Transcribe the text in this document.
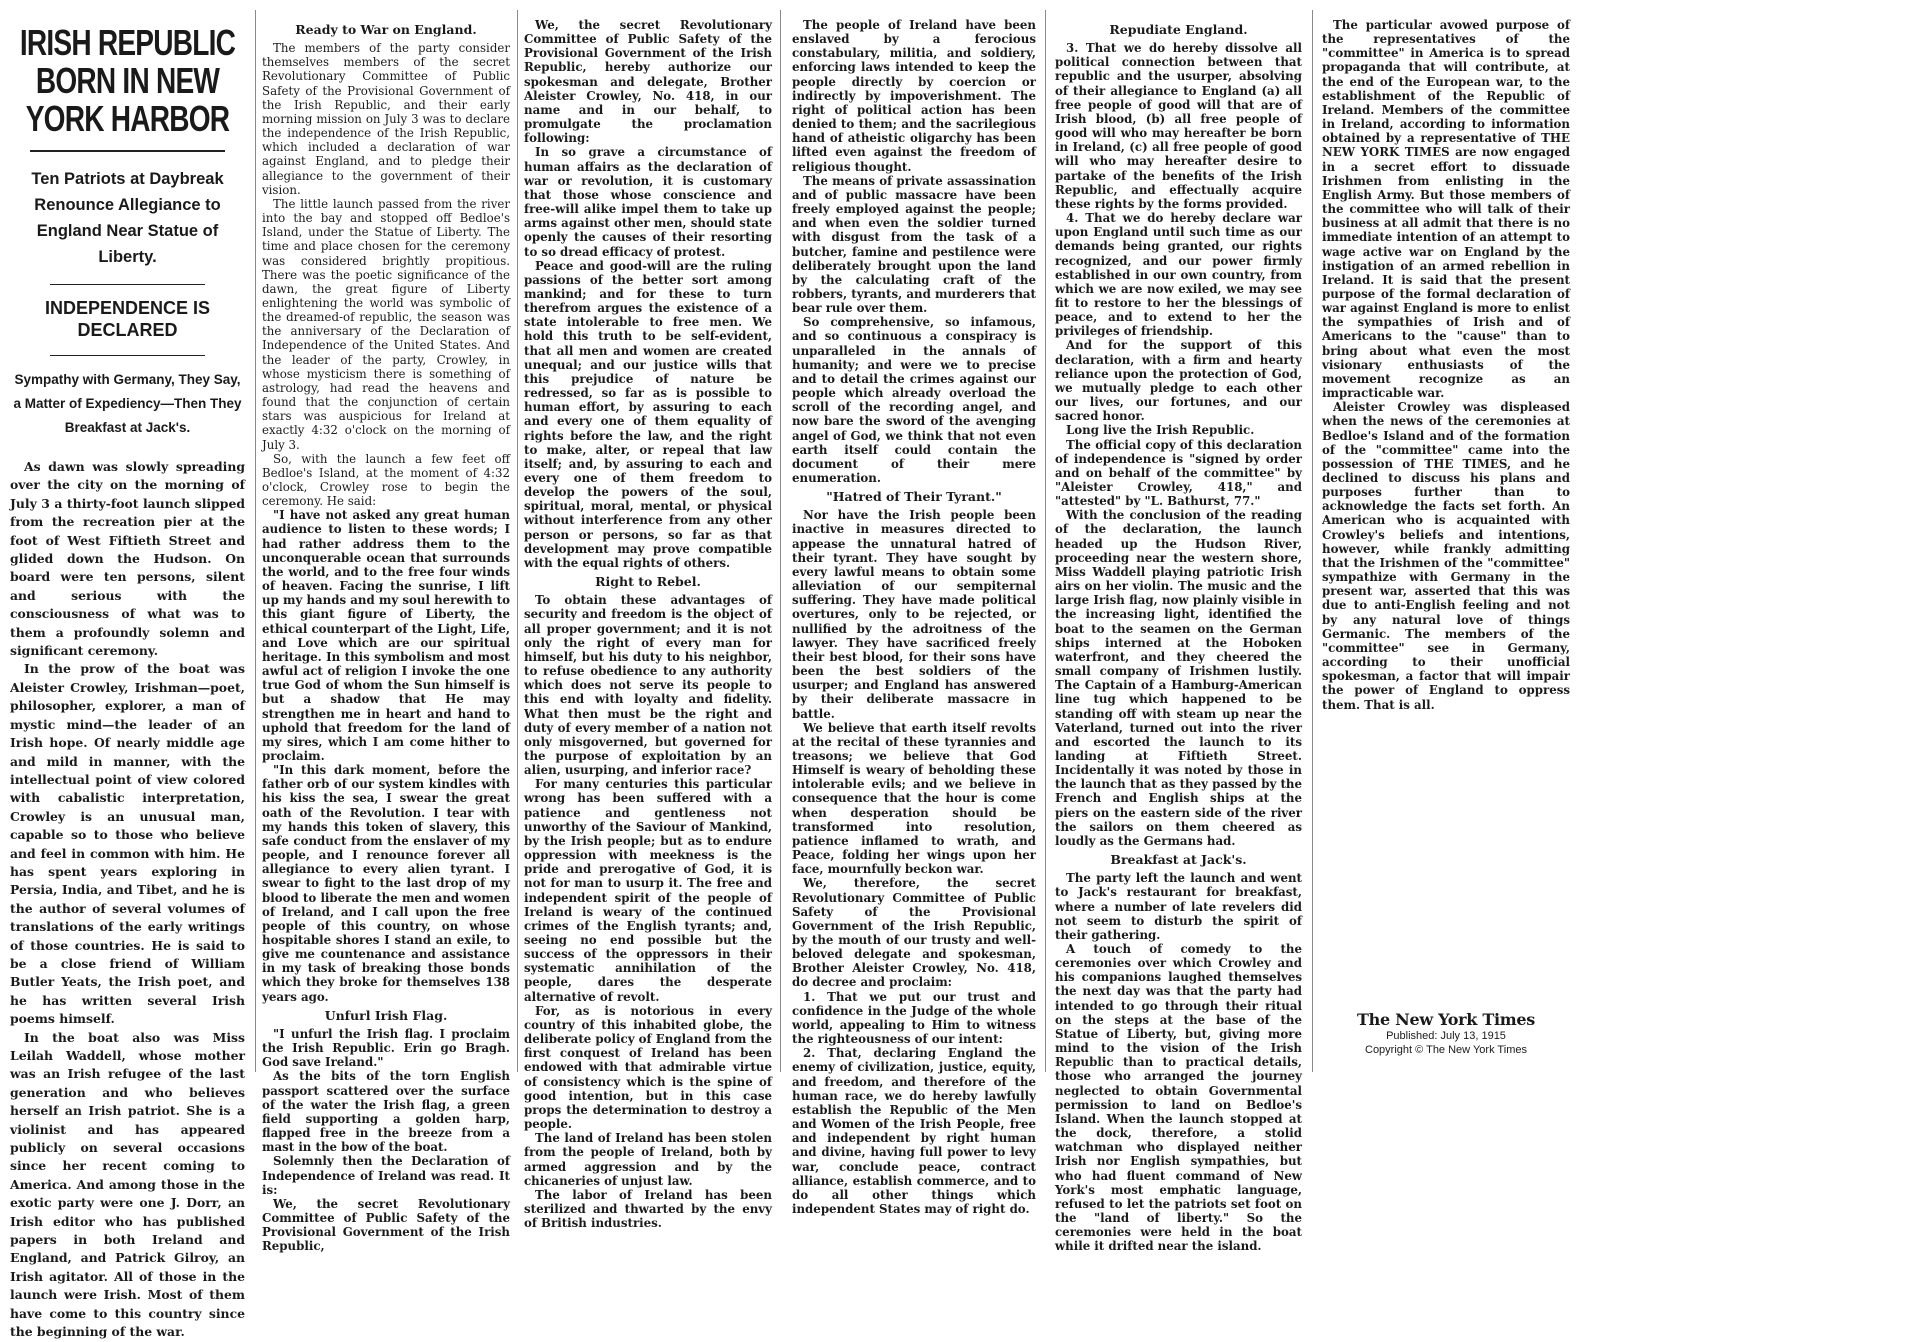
IRISH REPUBLIC BORN IN NEW YORK HARBOR
Ten Patriots at Daybreak Renounce Allegiance to England Near Statue of Liberty.
INDEPENDENCE IS DECLARED
Sympathy with Germany, They Say, a Matter of Expediency—Then They Breakfast at Jack's.

As dawn was slowly spreading over the city on the morning of July 3 a thirty-foot launch slipped from the recreation pier at the foot of West Fiftieth Street and glided down the Hudson. On board were ten persons, silent and serious with the consciousness of what was to them a profoundly solemn and significant ceremony.

In the prow of the boat was Aleister Crowley, Irishman—poet, philosopher, explorer, a man of mystic mind—the leader of an Irish hope. Of nearly middle age and mild in manner, with the intellectual point of view colored with cabalistic interpretation, Crowley is an unusual man, capable so to those who believe and feel in common with him. He has spent years exploring in Persia, India, and Tibet, and he is the author of several volumes of translations of the early writings of those countries. He is said to be a close friend of William Butler Yeats, the Irish poet, and he has written several Irish poems himself.

In the boat also was Miss Leilah Waddell, whose mother was an Irish refugee of the last generation and who believes herself an Irish patriot. She is a violinist and has appeared publicly on several occasions since her recent coming to America. And among those in the exotic party were one J. Dorr, an Irish editor who has published papers in both Ireland and England, and Patrick Gilroy, an Irish agitator. All of those in the launch were Irish. Most of them have come to this country since the beginning of the war.

Ready to War on England.

The members of the party consider themselves members of the secret Revolutionary Committee of Public Safety of the Provisional Government of the Irish Republic, and their early morning mission on July 3 was to declare the independence of the Irish Republic, which included a declaration of war against England, and to pledge their allegiance to the government of their vision.

The little launch passed from the river into the bay and stopped off Bedloe's Island, under the Statue of Liberty. The time and place chosen for the ceremony was considered brightly propitious. There was the poetic significance of the dawn, the great figure of Liberty enlightening the world was symbolic of the dreamed-of republic, the season was the anniversary of the Declaration of Independence of the United States. And the leader of the party, Crowley, in whose mysticism there is something of astrology, had read the heavens and found that the conjunction of certain stars was auspicious for Ireland at exactly 4:32 o'clock on the morning of July 3.

So, with the launch a few feet off Bedloe's Island, at the moment of 4:32 o'clock, Crowley rose to begin the ceremony. He said:

"I have not asked any great human audience to listen to these words; I had rather address them to the unconquerable ocean that surrounds the world, and to the free four winds of heaven. Facing the sunrise, I lift up my hands and my soul herewith to this giant figure of Liberty, the ethical counterpart of the Light, Life, and Love which are our spiritual heritage. In this symbolism and most awful act of religion I invoke the one true God of whom the Sun himself is but a shadow that He may strengthen me in heart and hand to uphold that freedom for the land of my sires, which I am come hither to proclaim.

"In this dark moment, before the father orb of our system kindles with his kiss the sea, I swear the great oath of the Revolution. I tear with my hands this token of slavery, this safe conduct from the enslaver of my people, and I renounce forever all allegiance to every alien tyrant. I swear to fight to the last drop of my blood to liberate the men and women of Ireland, and I call upon the free people of this country, on whose hospitable shores I stand an exile, to give me countenance and assistance in my task of breaking those bonds which they broke for themselves 138 years ago.

Unfurl Irish Flag.

"I unfurl the Irish flag. I proclaim the Irish Republic. Erin go Bragh. God save Ireland."

As the bits of the torn English passport scattered over the surface of the water the Irish flag, a green field supporting a golden harp, flapped free in the breeze from a mast in the bow of the boat.

Solemnly then the Declaration of Independence of Ireland was read. It is:

We, the secret Revolutionary Committee of Public Safety of the Provisional Government of the Irish Republic,

We, the secret Revolutionary Committee of Public Safety of the Provisional Government of the Irish Republic, hereby authorize our spokesman and delegate, Brother Aleister Crowley, No. 418, in our name and in our behalf, to promulgate the proclamation following:

In so grave a circumstance of human affairs as the declaration of war or revolution, it is customary that those whose conscience and free-will alike impel them to take up arms against other men, should state openly the causes of their resorting to so dread efficacy of protest.

Peace and good-will are the ruling passions of the better sort among mankind; and for these to turn therefrom argues the existence of a state intolerable to free men. We hold this truth to be self-evident, that all men and women are created unequal; and our justice wills that this prejudice of nature be redressed, so far as is possible to human effort, by assuring to each and every one of them equality of rights before the law, and the right to make, alter, or repeal that law itself; and, by assuring to each and every one of them freedom to develop the powers of the soul, spiritual, moral, mental, or physical without interference from any other person or persons, so far as that development may prove compatible with the equal rights of others.

Right to Rebel.

To obtain these advantages of security and freedom is the object of all proper government; and it is not only the right of every man for himself, but his duty to his neighbor, to refuse obedience to any authority which does not serve its people to this end with loyalty and fidelity. What then must be the right and duty of every member of a nation not only misgoverned, but governed for the purpose of exploitation by an alien, usurping, and inferior race?

For many centuries this particular wrong has been suffered with a patience and gentleness not unworthy of the Saviour of Mankind, by the Irish people; but as to endure oppression with meekness is the pride and prerogative of God, it is not for man to usurp it. The free and independent spirit of the people of Ireland is weary of the continued crimes of the English tyrants; and, seeing no end possible but the success of the oppressors in their systematic annihilation of the people, dares the desperate alternative of revolt.

For, as is notorious in every country of this inhabited globe, the deliberate policy of England from the first conquest of Ireland has been endowed with that admirable virtue of consistency which is the spine of good intention, but in this case props the determination to destroy a people.

The land of Ireland has been stolen from the people of Ireland, both by armed aggression and by the chicaneries of unjust law.

The labor of Ireland has been sterilized and thwarted by the envy of British industries.

The people of Ireland have been enslaved by a ferocious constabulary, militia, and soldiery, enforcing laws intended to keep the people directly by coercion or indirectly by impoverishment. The right of political action has been denied to them; and the sacrilegious hand of atheistic oligarchy has been lifted even against the freedom of religious thought.

The means of private assassination and of public massacre have been freely employed against the people; and when even the soldier turned with disgust from the task of a butcher, famine and pestilence were deliberately brought upon the land by the calculating craft of the robbers, tyrants, and murderers that bear rule over them.

So comprehensive, so infamous, and so continuous a conspiracy is unparalleled in the annals of humanity; and were we to precise and to detail the crimes against our people which already overload the scroll of the recording angel, and now bare the sword of the avenging angel of God, we think that not even earth itself could contain the document of their mere enumeration.

"Hatred of Their Tyrant."

Nor have the Irish people been inactive in measures directed to appease the unnatural hatred of their tyrant. They have sought by every lawful means to obtain some alleviation of our sempiternal suffering. They have made political overtures, only to be rejected, or nullified by the adroitness of the lawyer. They have sacrificed freely their best blood, for their sons have been the best soldiers of the usurper; and England has answered by their deliberate massacre in battle.

We believe that earth itself revolts at the recital of these tyrannies and treasons; we believe that God Himself is weary of beholding these intolerable evils; and we believe in consequence that the hour is come when desperation should be transformed into resolution, patience inflamed to wrath, and Peace, folding her wings upon her face, mournfully beckon war.

We, therefore, the secret Revolutionary Committee of Public Safety of the Provisional Government of the Irish Republic, by the mouth of our trusty and well-beloved delegate and spokesman, Brother Aleister Crowley, No. 418, do decree and proclaim:

1. That we put our trust and confidence in the Judge of the whole world, appealing to Him to witness the righteousness of our intent:

2. That, declaring England the enemy of civilization, justice, equity, and freedom, and therefore of the human race, we do hereby lawfully establish the Republic of the Men and Women of the Irish People, free and independent by right human and divine, having full power to levy war, conclude peace, contract alliance, establish commerce, and to do all other things which independent States may of right do.

Repudiate England.

3. That we do hereby dissolve all political connection between that republic and the usurper, absolving of their allegiance to England (a) all free people of good will that are of Irish blood, (b) all free people of good will who may hereafter be born in Ireland, (c) all free people of good will who may hereafter desire to partake of the benefits of the Irish Republic, and effectually acquire these rights by the forms provided.

4. That we do hereby declare war upon England until such time as our demands being granted, our rights recognized, and our power firmly established in our own country, from which we are now exiled, we may see fit to restore to her the blessings of peace, and to extend to her the privileges of friendship.

And for the support of this declaration, with a firm and hearty reliance upon the protection of God, we mutually pledge to each other our lives, our fortunes, and our sacred honor.

Long live the Irish Republic.

The official copy of this declaration of independence is "signed by order and on behalf of the committee" by "Aleister Crowley, 418," and "attested" by "L. Bathurst, 77."

With the conclusion of the reading of the declaration, the launch headed up the Hudson River, proceeding near the western shore, Miss Waddell playing patriotic Irish airs on her violin. The music and the large Irish flag, now plainly visible in the increasing light, identified the boat to the seamen on the German ships interned at the Hoboken waterfront, and they cheered the small company of Irishmen lustily. The Captain of a Hamburg-American line tug which happened to be standing off with steam up near the Vaterland, turned out into the river and escorted the launch to its landing at Fiftieth Street. Incidentally it was noted by those in the launch that as they passed by the French and English ships at the piers on the eastern side of the river the sailors on them cheered as loudly as the Germans had.

Breakfast at Jack's.

The party left the launch and went to Jack's restaurant for breakfast, where a number of late revelers did not seem to disturb the spirit of their gathering.

A touch of comedy to the ceremonies over which Crowley and his companions laughed themselves the next day was that the party had intended to go through their ritual on the steps at the base of the Statue of Liberty, but, giving more mind to the vision of the Irish Republic than to practical details, those who arranged the journey neglected to obtain Governmental permission to land on Bedloe's Island. When the launch stopped at the dock, therefore, a stolid watchman who displayed neither Irish nor English sympathies, but who had fluent command of New York's most emphatic language, refused to let the patriots set foot on the "land of liberty." So the ceremonies were held in the boat while it drifted near the island.

The particular avowed purpose of the representatives of the "committee" in America is to spread propaganda that will contribute, at the end of the European war, to the establishment of the Republic of Ireland. Members of the committee in Ireland, according to information obtained by a representative of THE NEW YORK TIMES are now engaged in a secret effort to dissuade Irishmen from enlisting in the English Army. But those members of the committee who will talk of their business at all admit that there is no immediate intention of an attempt to wage active war on England by the instigation of an armed rebellion in Ireland. It is said that the present purpose of the formal declaration of war against England is more to enlist the sympathies of Irish and of Americans to the "cause" than to bring about what even the most visionary enthusiasts of the movement recognize as an impracticable war.

Aleister Crowley was displeased when the news of the ceremonies at Bedloe's Island and of the formation of the "committee" came into the possession of THE TIMES, and he declined to discuss his plans and purposes further than to acknowledge the facts set forth. An American who is acquainted with Crowley's beliefs and intentions, however, while frankly admitting that the Irishmen of the "committee" sympathize with Germany in the present war, asserted that this was due to anti-English feeling and not by any natural love of things Germanic. The members of the "committee" see in Germany, according to their unofficial spokesman, a factor that will impair the power of England to oppress them. That is all.

The New York Times
Published: July 13, 1915
Copyright © The New York Times
